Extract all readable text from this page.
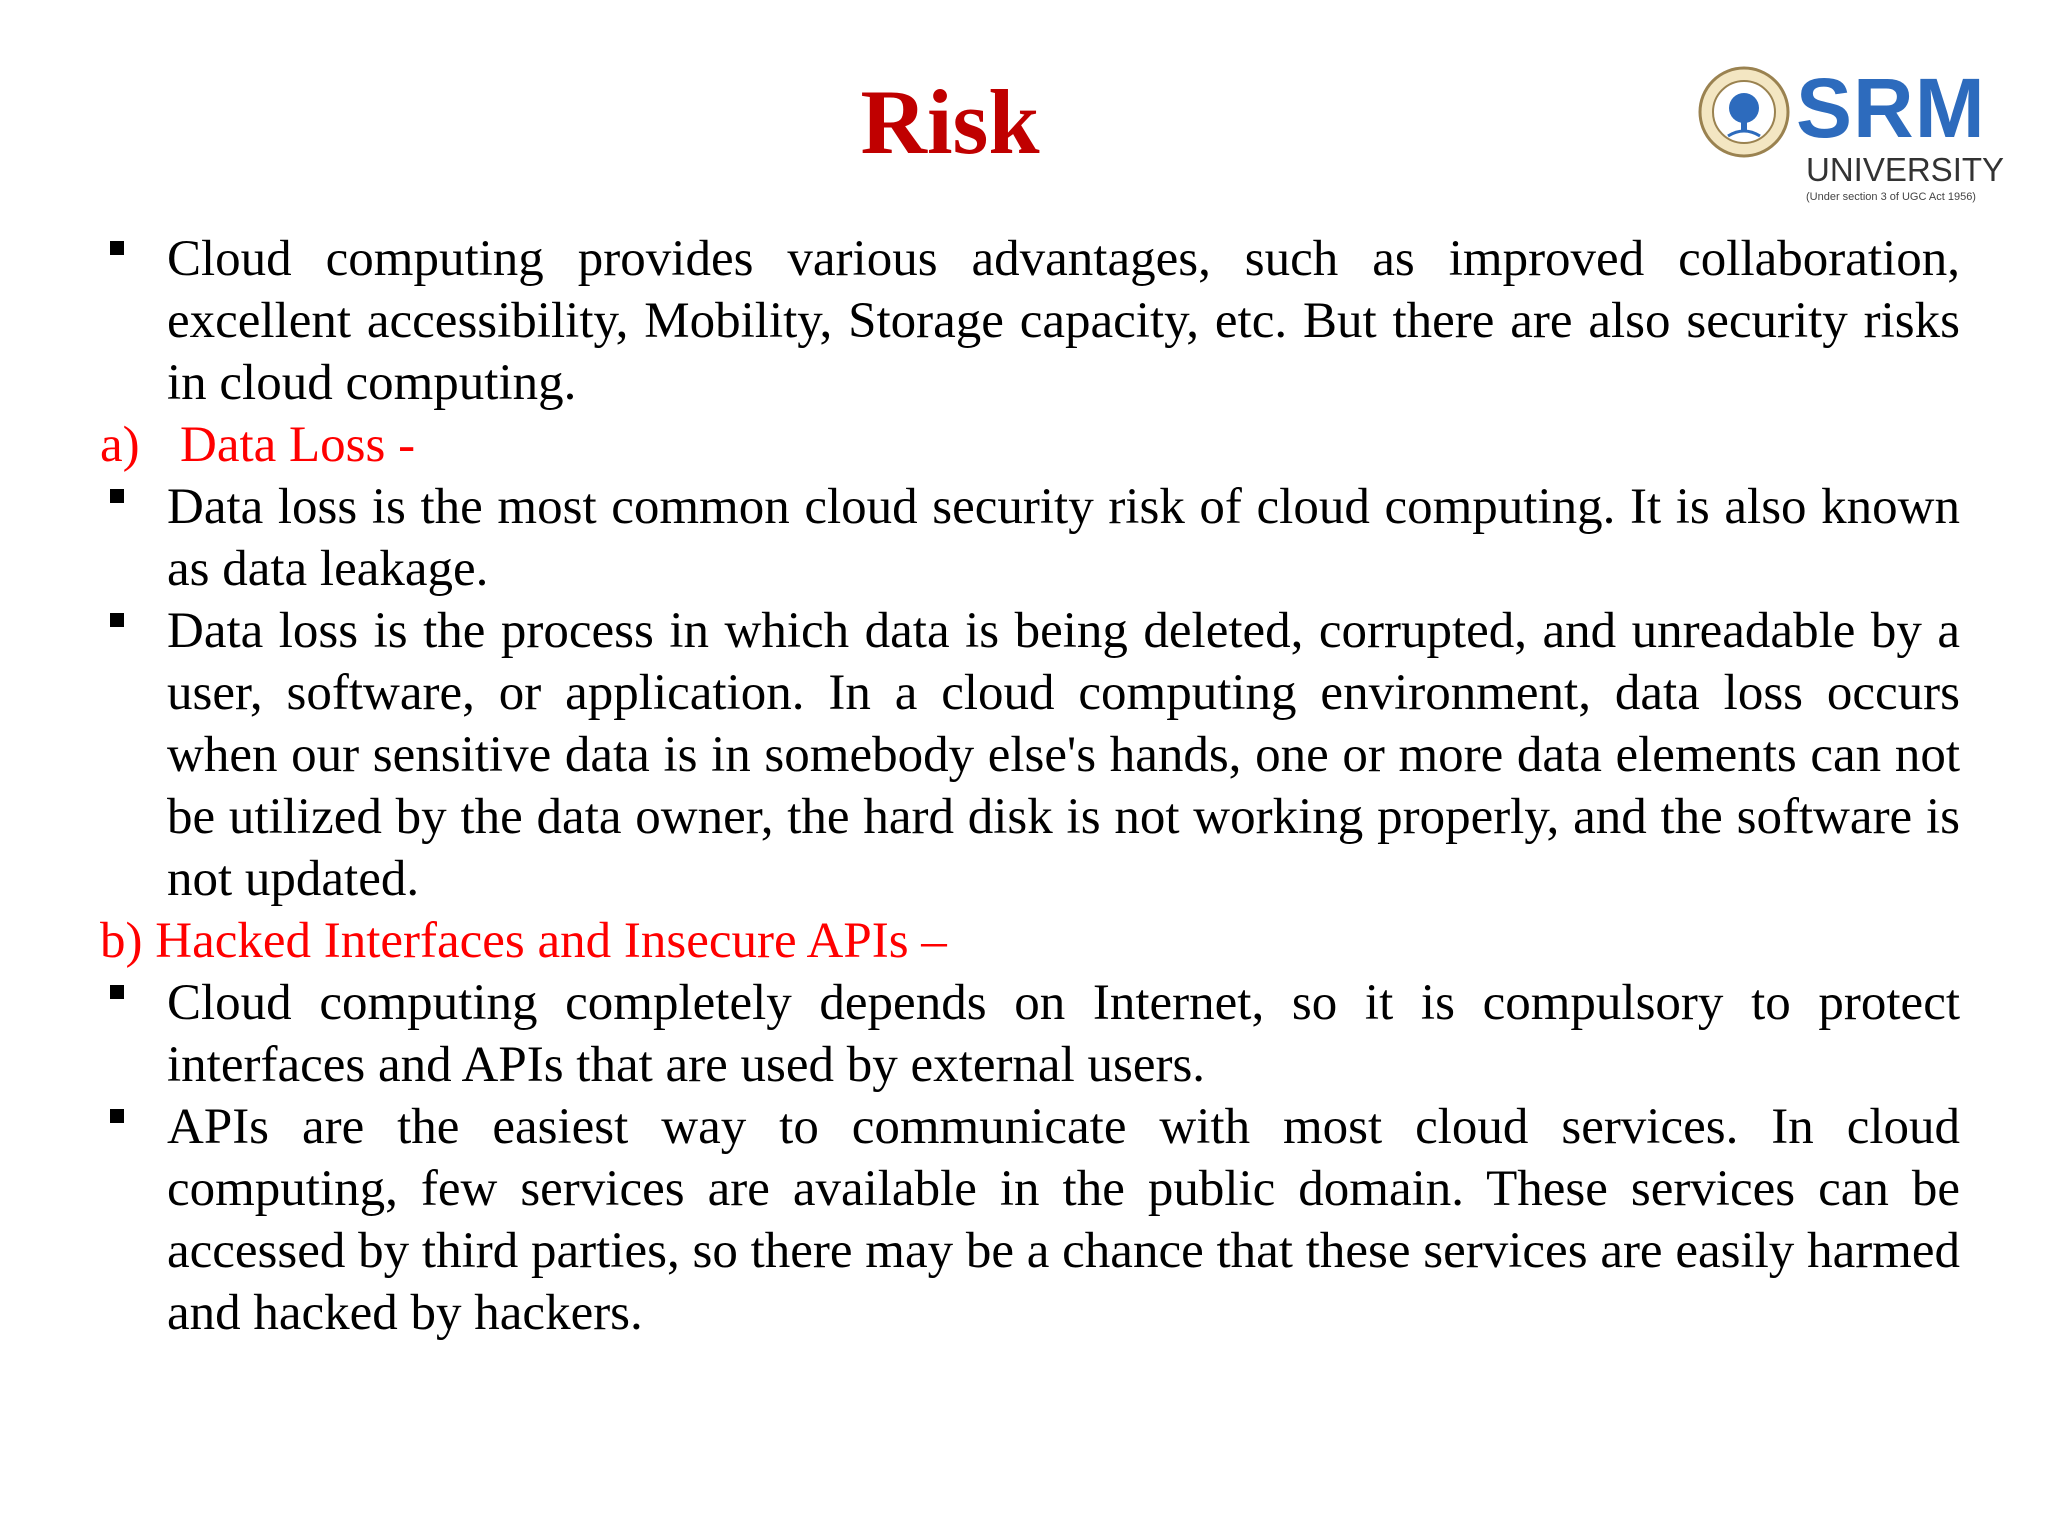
Risk	SRM
UNIVERSITY
(Under section 3 of UGC Act 1956)
Cloud computing provides various advantages, such as improved collaboration, excellent accessibility, Mobility, Storage capacity, etc. But there are also security risks in cloud computing.
a) Data Loss -
Data loss is the most common cloud security risk of cloud computing. It is also known as data leakage.
Data loss is the process in which data is being deleted, corrupted, and unreadable by a user, software, or application. In a cloud computing environment, data loss occurs when our sensitive data is in somebody else's hands, one or more data elements can not be utilized by the data owner, the hard disk is not working properly, and the software is not updated.
b) Hacked Interfaces and Insecure APIs –
Cloud computing completely depends on Internet, so it is compulsory to protect interfaces and APIs that are used by external users.
APIs are the easiest way to communicate with most cloud services. In cloud computing, few services are available in the public domain. These services can be accessed by third parties, so there may be a chance that these services are easily harmed and hacked by hackers.
